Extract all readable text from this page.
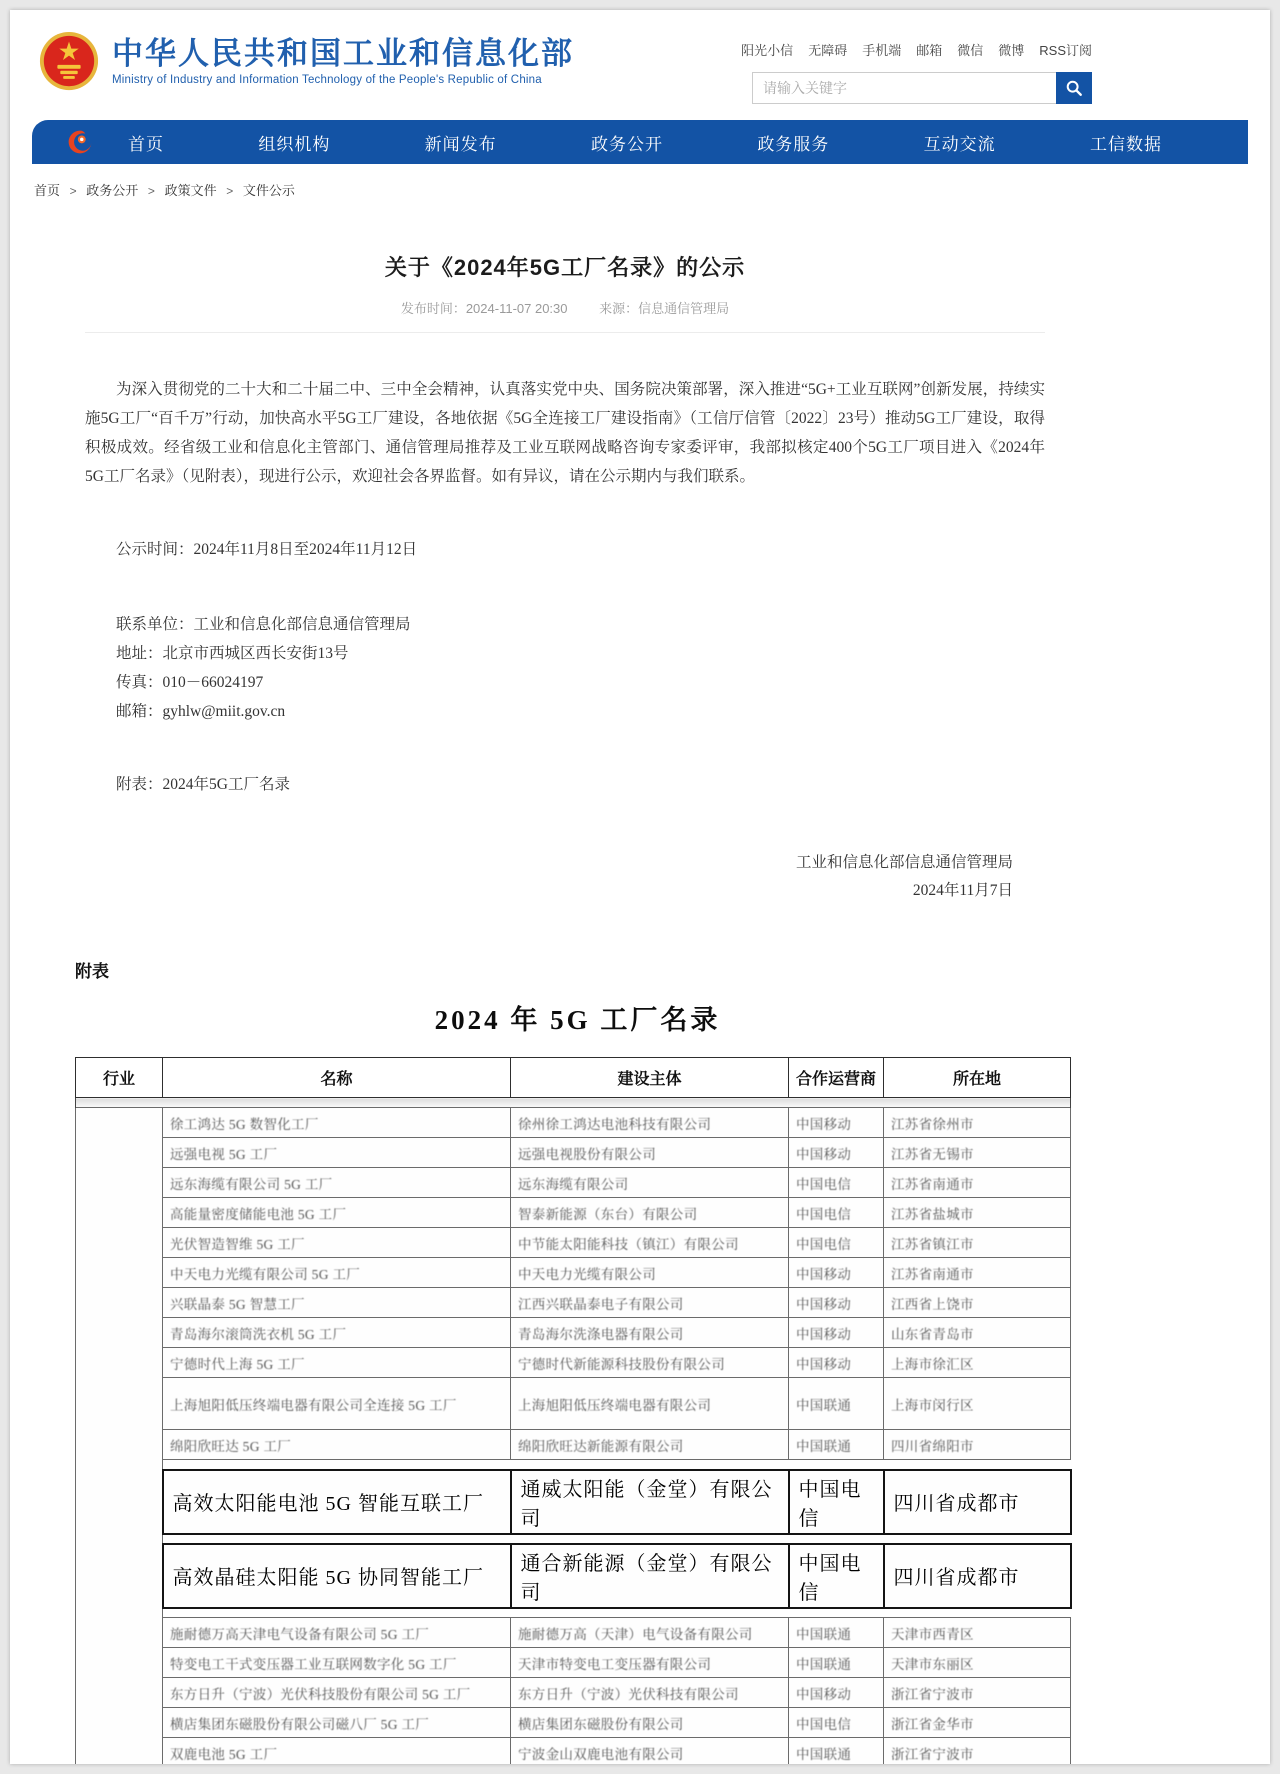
中华人民共和国工业和信息化部
Ministry of Industry and Information Technology of the People's Republic of China
阳光小信 无障碍 手机端 邮箱 微信 微博 RSS订阅
请输入关键字
首页	组织机构	新闻发布	政务公开	政务服务	互动交流	工信数据
首页 > 政务公开 > 政策文件 > 文件公示
关于《2024年5G工厂名录》的公示
发布时间：2024-11-07 20:30 来源：信息通信管理局

为深入贯彻党的二十大和二十届二中、三中全会精神，认真落实党中央、国务院决策部署，深入推进“5G+工业互联网”创新发展，持续实施5G工厂“百千万”行动，加快高水平5G工厂建设，各地依据《5G全连接工厂建设指南》（工信厅信管〔2022〕23号）推动5G工厂建设，取得积极成效。经省级工业和信息化主管部门、通信管理局推荐及工业互联网战略咨询专家委评审，我部拟核定400个5G工厂项目进入《2024年5G工厂名录》（见附表），现进行公示，欢迎社会各界监督。如有异议，请在公示期内与我们联系。

公示时间：2024年11月8日至2024年11月12日

联系单位：工业和信息化部信息通信管理局

地址：北京市西城区西长安街13号

传真：010－66024197

邮箱：gyhlw@miit.gov.cn

附表：2024年5G工厂名录

工业和信息化部信息通信管理局
2024年11月7日
附表
2024 年 5G 工厂名录
行业	名称	建设主体	合作运营商	所在地

	徐工鸿达 5G 数智化工厂	徐州徐工鸿达电池科技有限公司	中国移动	江苏省徐州市
	远强电视 5G 工厂	远强电视股份有限公司	中国移动	江苏省无锡市
	远东海缆有限公司 5G 工厂	远东海缆有限公司	中国电信	江苏省南通市
	高能量密度储能电池 5G 工厂	智泰新能源（东台）有限公司	中国电信	江苏省盐城市
	光伏智造智维 5G 工厂	中节能太阳能科技（镇江）有限公司	中国电信	江苏省镇江市
	中天电力光缆有限公司 5G 工厂	中天电力光缆有限公司	中国移动	江苏省南通市
	兴联晶泰 5G 智慧工厂	江西兴联晶泰电子有限公司	中国移动	江西省上饶市
	青岛海尔滚筒洗衣机 5G 工厂	青岛海尔洗涤电器有限公司	中国移动	山东省青岛市
	宁德时代上海 5G 工厂	宁德时代新能源科技股份有限公司	中国移动	上海市徐汇区
	上海旭阳低压终端电器有限公司全连接 5G 工厂	上海旭阳低压终端电器有限公司	中国联通	上海市闵行区
	绵阳欣旺达 5G 工厂	绵阳欣旺达新能源有限公司	中国联通	四川省绵阳市

	高效太阳能电池 5G 智能互联工厂	通威太阳能（金堂）有限公司	中国电信	四川省成都市

	高效晶硅太阳能 5G 协同智能工厂	通合新能源（金堂）有限公司	中国电信	四川省成都市

	施耐德万高天津电气设备有限公司 5G 工厂	施耐德万高（天津）电气设备有限公司	中国联通	天津市西青区
	特变电工干式变压器工业互联网数字化 5G 工厂	天津市特变电工变压器有限公司	中国联通	天津市东丽区
	东方日升（宁波）光伏科技股份有限公司 5G 工厂	东方日升（宁波）光伏科技有限公司	中国移动	浙江省宁波市
	横店集团东磁股份有限公司磁八厂 5G 工厂	横店集团东磁股份有限公司	中国电信	浙江省金华市
	双鹿电池 5G 工厂	宁波金山双鹿电池有限公司	中国联通	浙江省宁波市
